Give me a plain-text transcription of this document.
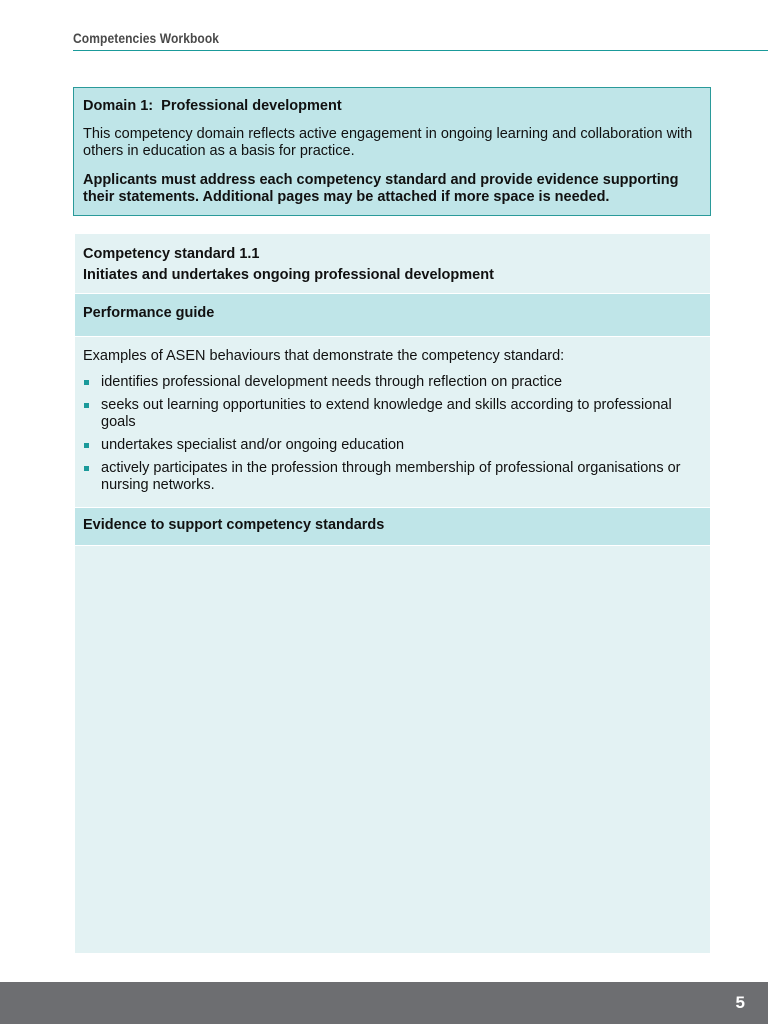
Competencies Workbook
Domain 1:  Professional development
This competency domain reflects active engagement in ongoing learning and collaboration with others in education as a basis for practice.
Applicants must address each competency standard and provide evidence supporting their statements. Additional pages may be attached if more space is needed.
Competency standard 1.1
Initiates and undertakes ongoing professional development
Performance guide
Examples of ASEN behaviours that demonstrate the competency standard:
identifies professional development needs through reflection on practice
seeks out learning opportunities to extend knowledge and skills according to professional goals
undertakes specialist and/or ongoing education
actively participates in the profession through membership of professional organisations or nursing networks.
Evidence to support competency standards
5
